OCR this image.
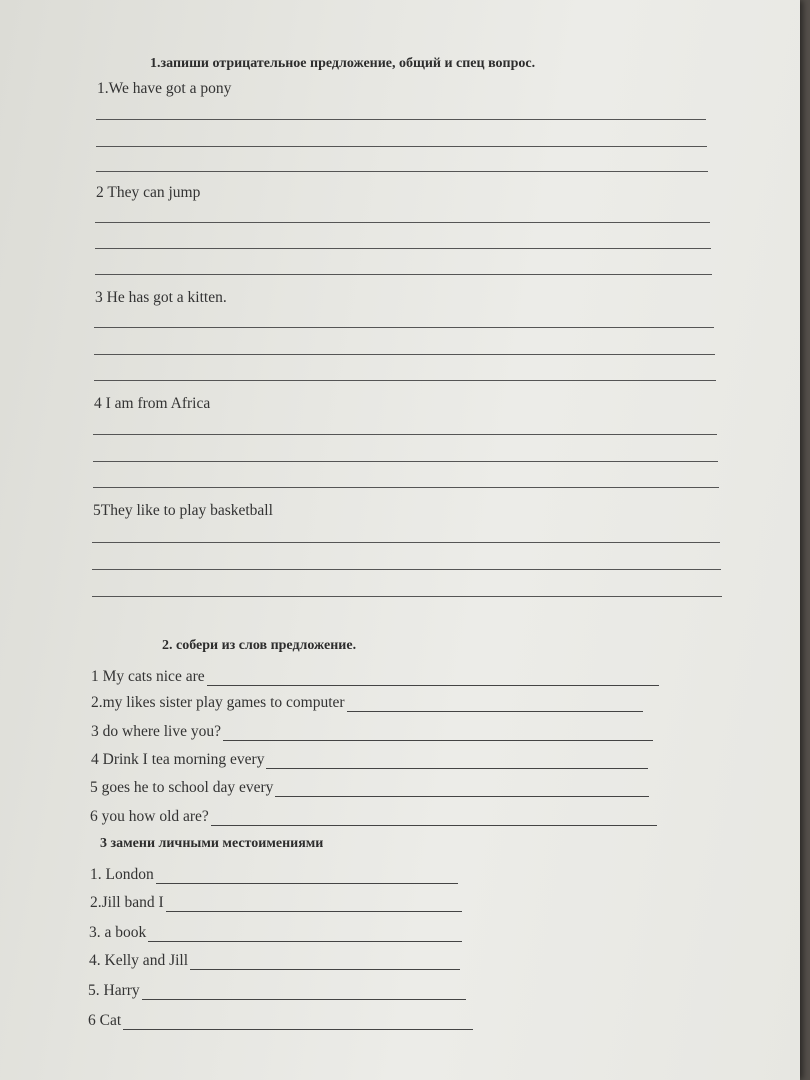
1.запиши отрицательное предложение, общий и спец вопрос.
1.We have got a pony
2 They can jump
3 He has got a kitten.
4 I am from Africa
5They like to play basketball
2. собери из слов предложение.
1 My cats nice are
2.my likes sister play games to computer
3 do where live you?
4 Drink I tea morning every
5 goes he to school day every
6 you how old are?
3 замени личными местоимениями
1. London
2.Jill band I
3. a book
4. Kelly and Jill
5. Harry
6 Cat
